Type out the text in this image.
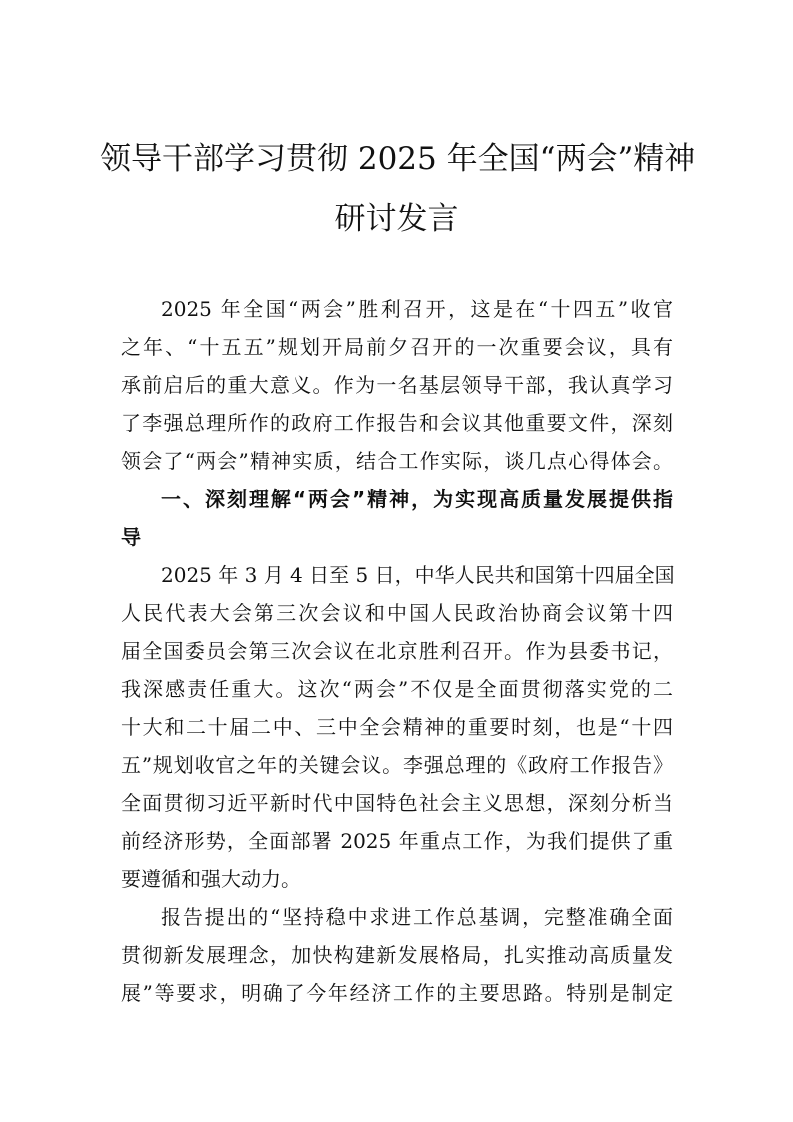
领导干部学习贯彻 2025 年全国“两会”精神
研讨发言
2025 年全国“两会”胜利召开，这是在“十四五”收官
之年、“十五五”规划开局前夕召开的一次重要会议，具有
承前启后的重大意义。作为一名基层领导干部，我认真学习
了李强总理所作的政府工作报告和会议其他重要文件，深刻
领会了“两会”精神实质，结合工作实际，谈几点心得体会。
一、深刻理解“两会”精神，为实现高质量发展提供指
导
2025 年 3 月 4 日至 5 日，中华人民共和国第十四届全国
人民代表大会第三次会议和中国人民政治协商会议第十四
届全国委员会第三次会议在北京胜利召开。作为县委书记，
我深感责任重大。这次“两会”不仅是全面贯彻落实党的二
十大和二十届二中、三中全会精神的重要时刻，也是“十四
五”规划收官之年的关键会议。李强总理的《政府工作报告》
全面贯彻习近平新时代中国特色社会主义思想，深刻分析当
前经济形势，全面部署 2025 年重点工作，为我们提供了重
要遵循和强大动力。
报告提出的“坚持稳中求进工作总基调，完整准确全面
贯彻新发展理念，加快构建新发展格局，扎实推动高质量发
展”等要求，明确了今年经济工作的主要思路。特别是制定
